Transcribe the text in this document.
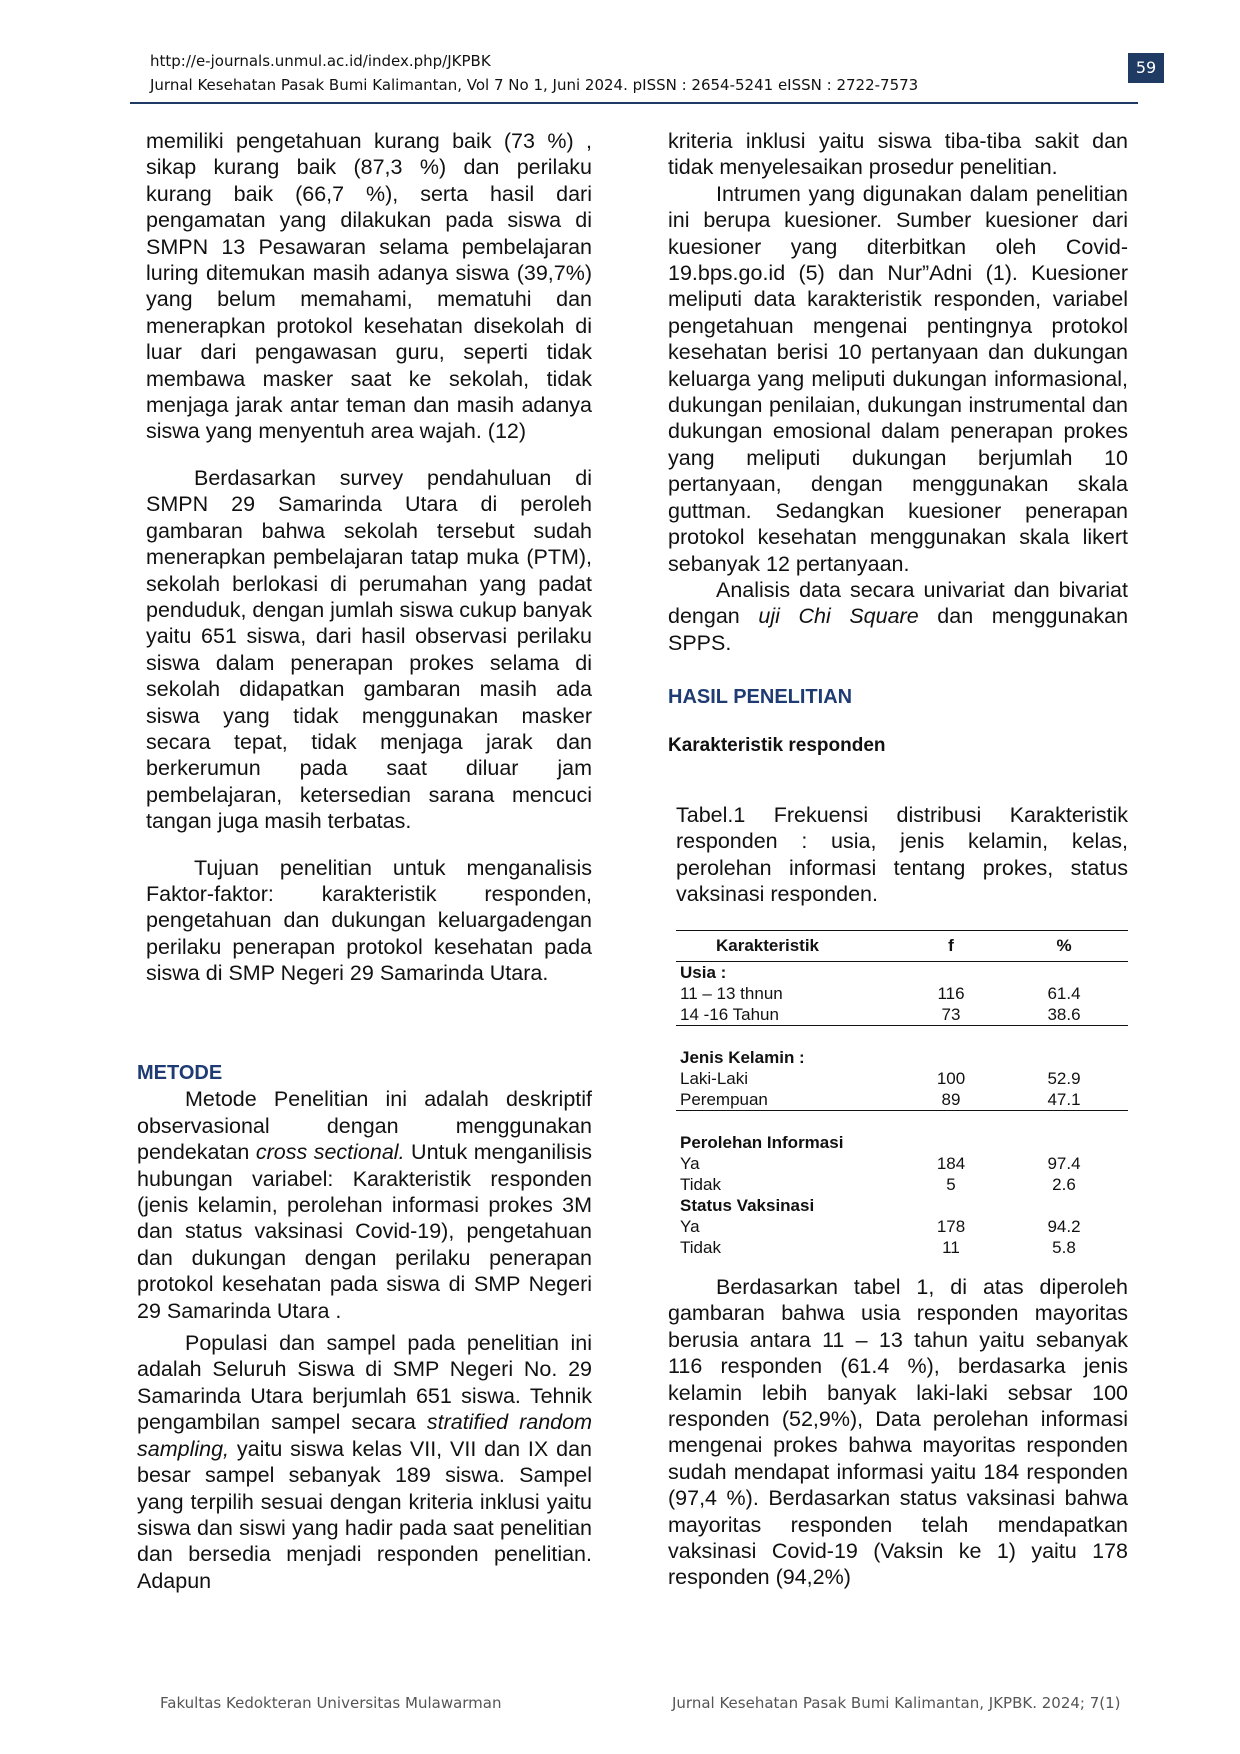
http://e-journals.unmul.ac.id/index.php/JKPBK
Jurnal Kesehatan Pasak Bumi Kalimantan, Vol 7 No 1, Juni 2024. pISSN : 2654-5241 eISSN : 2722-7573
59

memiliki pengetahuan kurang baik (73 %) , sikap kurang baik (87,3 %) dan perilaku kurang baik (66,7 %), serta hasil dari pengamatan yang dilakukan pada siswa di SMPN 13 Pesawaran selama pembelajaran luring ditemukan masih adanya siswa (39,7%) yang belum memahami, mematuhi dan menerapkan protokol kesehatan disekolah di luar dari pengawasan guru, seperti tidak membawa masker saat ke sekolah, tidak menjaga jarak antar teman dan masih adanya siswa yang menyentuh area wajah. (12)

Berdasarkan survey pendahuluan di SMPN 29 Samarinda Utara di peroleh gambaran bahwa sekolah tersebut sudah menerapkan pembelajaran tatap muka (PTM), sekolah berlokasi di perumahan yang padat penduduk, dengan jumlah siswa cukup banyak yaitu 651 siswa, dari hasil observasi perilaku siswa dalam penerapan prokes selama di sekolah didapatkan gambaran masih ada siswa yang tidak menggunakan masker secara tepat, tidak menjaga jarak dan berkerumun pada saat diluar jam pembelajaran, ketersedian sarana mencuci tangan juga masih terbatas.

Tujuan penelitian untuk menganalisis Faktor-faktor: karakteristik responden, pengetahuan dan dukungan keluargadengan perilaku penerapan protokol kesehatan pada siswa di SMP Negeri 29 Samarinda Utara.

METODE

Metode Penelitian ini adalah deskriptif observasional dengan menggunakan pendekatan cross sectional. Untuk menganilisis hubungan variabel: Karakteristik responden (jenis kelamin, perolehan informasi prokes 3M dan status vaksinasi Covid-19), pengetahuan dan dukungan dengan perilaku penerapan protokol kesehatan pada siswa di SMP Negeri 29 Samarinda Utara .

Populasi dan sampel pada penelitian ini adalah Seluruh Siswa di SMP Negeri No. 29 Samarinda Utara berjumlah 651 siswa. Tehnik pengambilan sampel secara stratified random sampling, yaitu siswa kelas VII, VII dan IX dan besar sampel sebanyak 189 siswa. Sampel yang terpilih sesuai dengan kriteria inklusi yaitu siswa dan siswi yang hadir pada saat penelitian dan bersedia menjadi responden penelitian. Adapun

kriteria inklusi yaitu siswa tiba-tiba sakit dan tidak menyelesaikan prosedur penelitian.

Intrumen yang digunakan dalam penelitian ini berupa kuesioner. Sumber kuesioner dari kuesioner yang diterbitkan oleh Covid-19.bps.go.id (5) dan Nur”Adni (1). Kuesioner meliputi data karakteristik responden, variabel pengetahuan mengenai pentingnya protokol kesehatan berisi 10 pertanyaan dan dukungan keluarga yang meliputi dukungan informasional, dukungan penilaian, dukungan instrumental dan dukungan emosional dalam penerapan prokes yang meliputi dukungan berjumlah 10 pertanyaan, dengan menggunakan skala guttman. Sedangkan kuesioner penerapan protokol kesehatan menggunakan skala likert sebanyak 12 pertanyaan.

Analisis data secara univariat dan bivariat dengan uji Chi Square dan menggunakan SPPS.

HASIL PENELITIAN
Karakteristik responden
Tabel.1 Frekuensi distribusi Karakteristik responden : usia, jenis kelamin, kelas, perolehan informasi tentang prokes, status vaksinasi responden.
Karakteristik	f	%
Usia :		
11 – 13 thnun	116	61.4
14 -16 Tahun	73	38.6

Jenis Kelamin :		
Laki-Laki	100	52.9
Perempuan	89	47.1

Perolehan Informasi		
Ya	184	97.4
Tidak	5	2.6
Status Vaksinasi		
Ya	178	94.2
Tidak	11	5.8

Berdasarkan tabel 1, di atas diperoleh gambaran bahwa usia responden mayoritas berusia antara 11 – 13 tahun yaitu sebanyak 116 responden (61.4 %), berdasarka jenis kelamin lebih banyak laki-laki sebsar 100 responden (52,9%), Data perolehan informasi mengenai prokes bahwa mayoritas responden sudah mendapat informasi yaitu 184 responden (97,4 %). Berdasarkan status vaksinasi bahwa mayoritas responden telah mendapatkan vaksinasi Covid-19 (Vaksin ke 1) yaitu 178 responden (94,2%)

Fakultas Kedokteran Universitas Mulawarman	Jurnal Kesehatan Pasak Bumi Kalimantan, JKPBK. 2024; 7(1)
